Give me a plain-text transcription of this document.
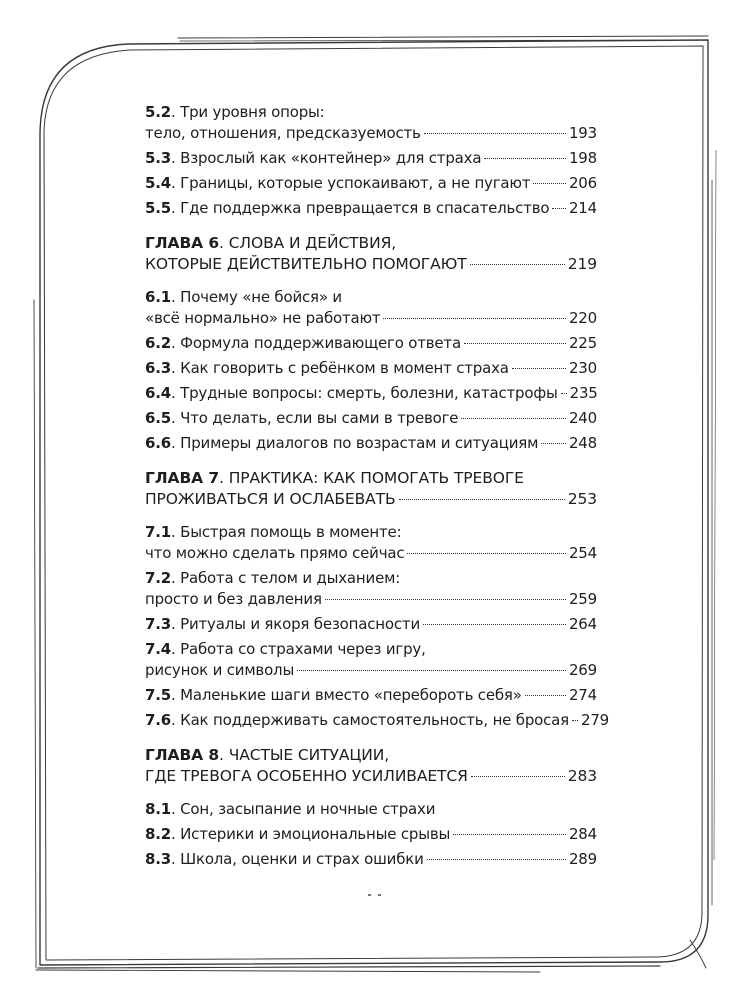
5.2. Три уровня опоры:
тело, отношения, предсказуемость	193
5.3 . Взрослый как «контейнер» для страха	198
5.4 . Границы, которые успокаивают, а не пугают	206
5.5 . Где поддержка превращается в спасательство 214
ГЛАВА 6. СЛОВА И ДЕЙСТВИЯ,
КОТОРЫЕ ДЕЙСТВИТЕЛЬНО ПОМОГАЮТ	219
6.1. Почему «не бойся» и
«всё нормально» не работают	220
6.2 . Формула поддерживающего ответа	225
6.3 . Как говорить с ребёнком в момент страха	230
6.4 . Трудные вопросы: смерть, болезни, катастрофы 235
6.5 . Что делать, если вы сами в тревоге	240
6.6 . Примеры диалогов по возрастам и ситуациям 248
ГЛАВА 7. ПРАКТИКА: КАК ПОМОГАТЬ ТРЕВОГЕ
ПРОЖИВАТЬСЯ И ОСЛАБЕВАТЬ	253
7.1. Быстрая помощь в моменте:
что можно сделать прямо сейчас	254
7.2. Работа с телом и дыханием:
просто и без давления	259
7.3 . Ритуалы и якоря безопасности	264
7.4. Работа со страхами через игру,
рисунок и символы	269
7.5 . Маленькие шаги вместо «перебороть себя»	274
7.6 . Как поддерживать самостоятельность, не бросая 279
ГЛАВА 8. ЧАСТЫЕ СИТУАЦИИ,
ГДЕ ТРЕВОГА ОСОБЕННО УСИЛИВАЕТСЯ	283
8.1 . Сон, засыпание и ночные страхи
8.2 . Истерики и эмоциональные срывы	284
8.3 . Школа, оценки и страх ошибки	289
